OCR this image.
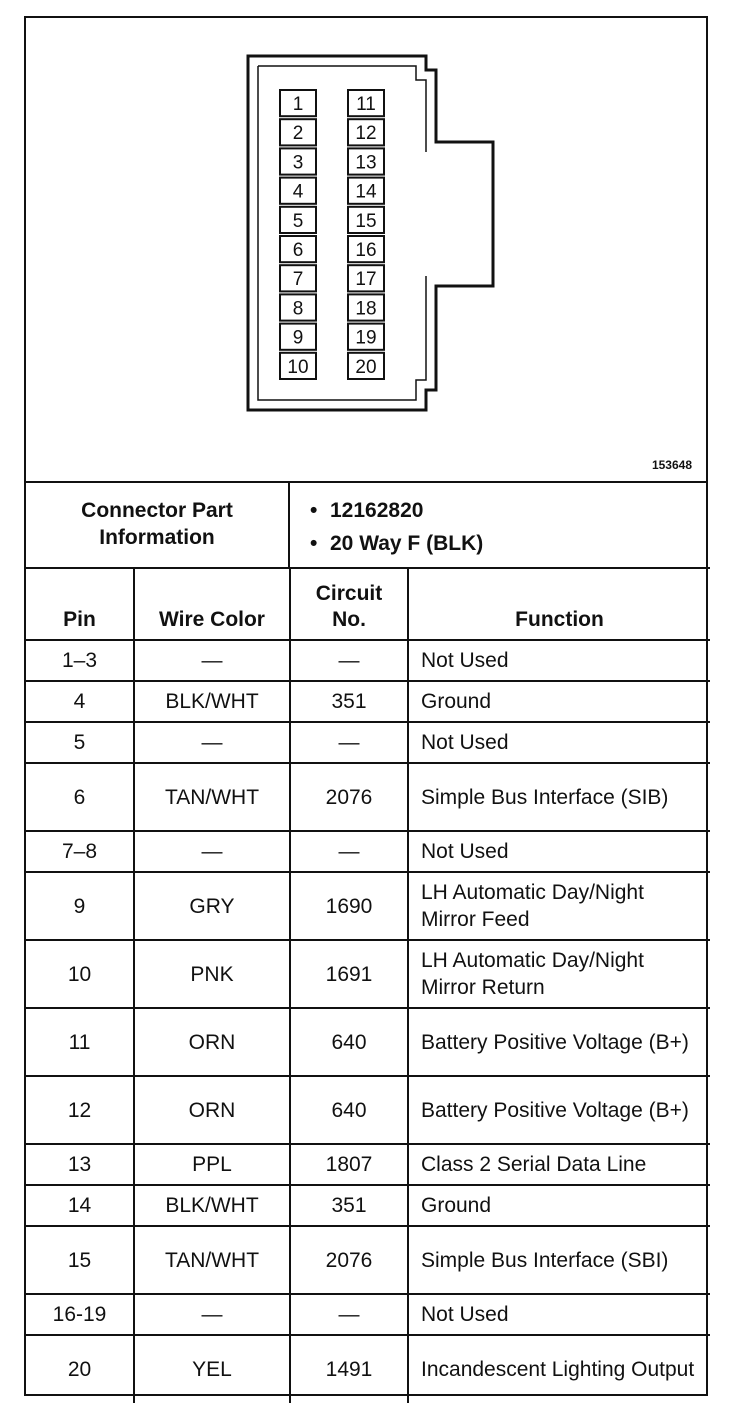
1
2
3
4
5
6
7
8
9
10
11
12
13
14
15
16
17
18
19
20
153648
Connector Part Information
• 12162820
• 20 Way F (BLK)
Pin	Wire Color	Circuit No.	Function
1–3	—	—	Not Used
4	BLK/WHT	351	Ground
5	—	—	Not Used
6	TAN/WHT	2076	Simple Bus Interface (SIB)
7–8	—	—	Not Used
9	GRY	1690	LH Automatic Day/Night Mirror Feed
10	PNK	1691	LH Automatic Day/Night Mirror Return
11	ORN	640	Battery Positive Voltage (B+)
12	ORN	640	Battery Positive Voltage (B+)
13	PPL	1807	Class 2 Serial Data Line
14	BLK/WHT	351	Ground
15	TAN/WHT	2076	Simple Bus Interface (SBI)
16-19	—	—	Not Used
20	YEL	1491	Incandescent Lighting Output
